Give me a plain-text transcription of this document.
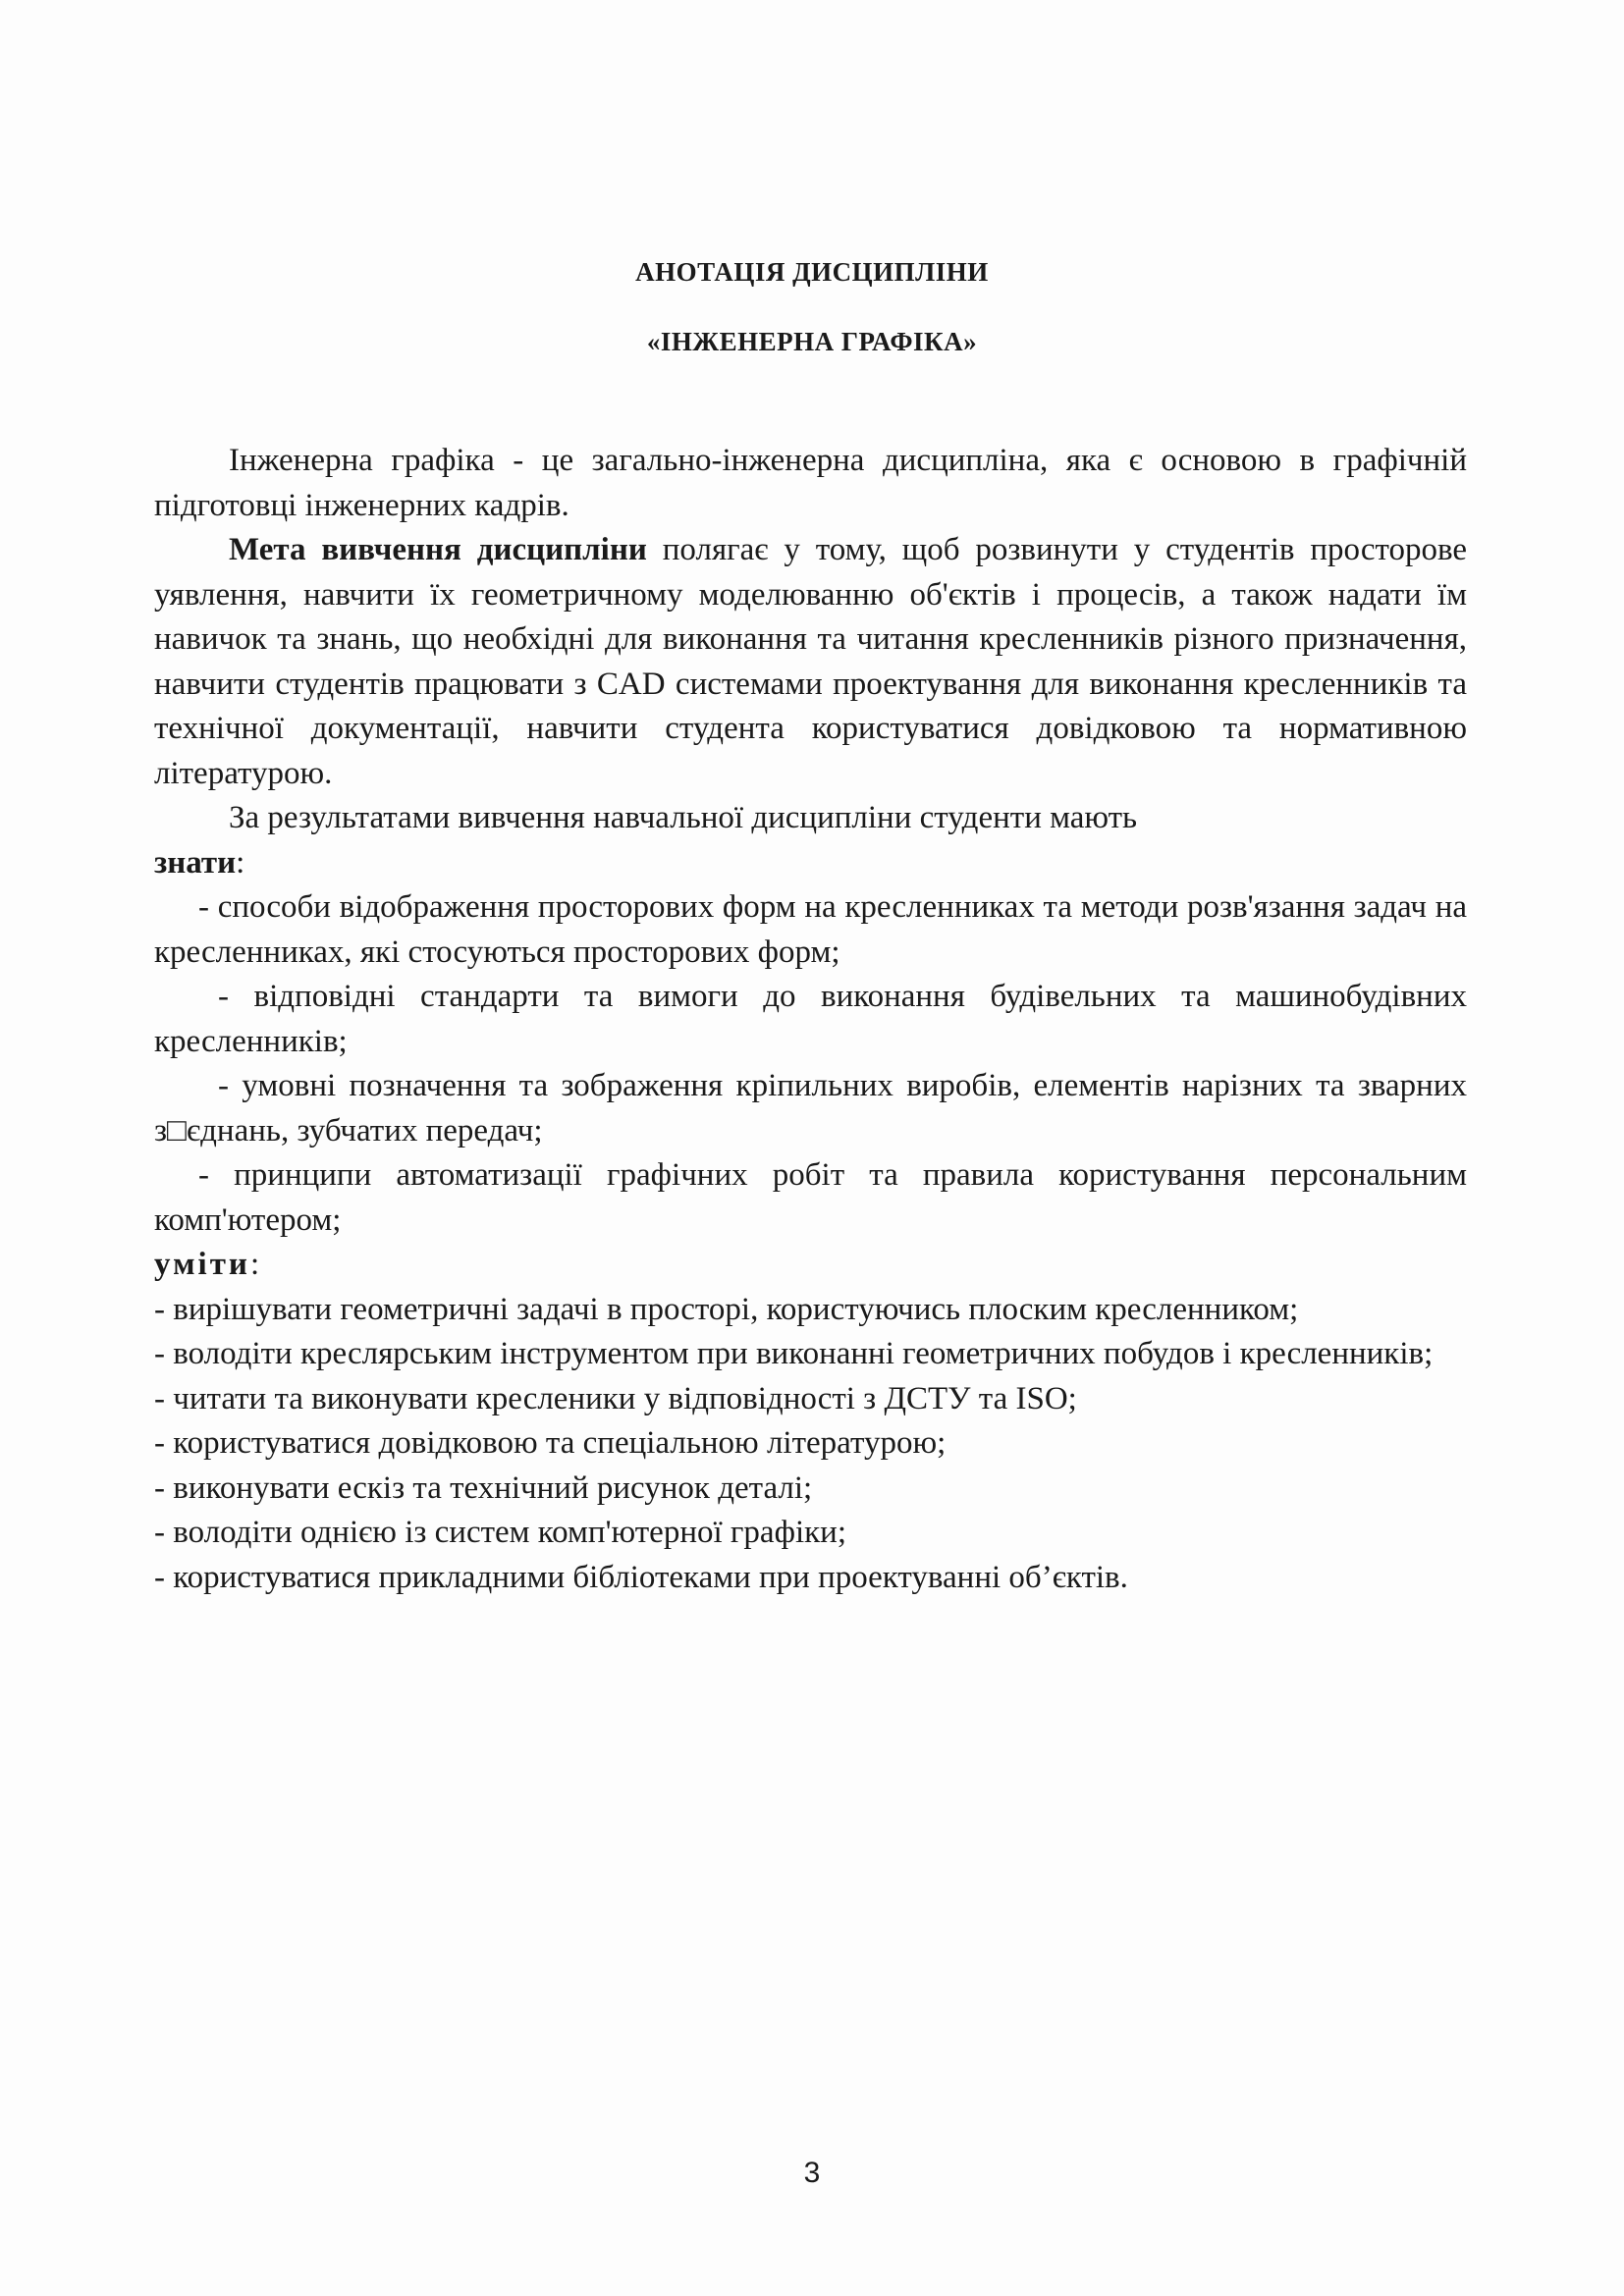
АНОТАЦІЯ ДИСЦИПЛІНИ
«ІНЖЕНЕРНА ГРАФІКА»

Інженерна графіка - це загально-інженерна дисципліна, яка є основою в графічній підготовці інженерних кадрів.

Мета вивчення дисципліни полягає у тому, щоб розвинути у студентів просторове уявлення, навчити їх геометричному моделюванню об'єктів і процесів, а також надати їм навичок та знань, що необхідні для виконання та читання кресленників різного призначення, навчити студентів працювати з CAD системами проектування для виконання кресленників та технічної документації, навчити студента користуватися довідковою та нормативною літературою.

За результатами вивчення навчальної дисципліни студенти мають

знати:

- способи відображення просторових форм на кресленниках та методи розв'язання задач на кресленниках, які стосуються просторових форм;

- відповідні стандарти та вимоги до виконання будівельних та машинобудівних кресленників;

- умовні позначення та зображення кріпильних виробів, елементів нарізних та зварних з□єднань, зубчатих передач;

- принципи автоматизації графічних робіт та правила користування персональним комп'ютером;

уміти:

- вирішувати геометричні задачі в просторі, користуючись плоским кресленником;

- володіти креслярським інструментом при виконанні геометричних побудов і кресленників;

- читати та виконувати кресленики у відповідності з ДСТУ та ISO;

- користуватися довідковою та спеціальною літературою;

- виконувати ескіз та технічний рисунок деталі;

- володіти однією із систем комп'ютерної графіки;

- користуватися прикладними бібліотеками при проектуванні об’єктів.

3
